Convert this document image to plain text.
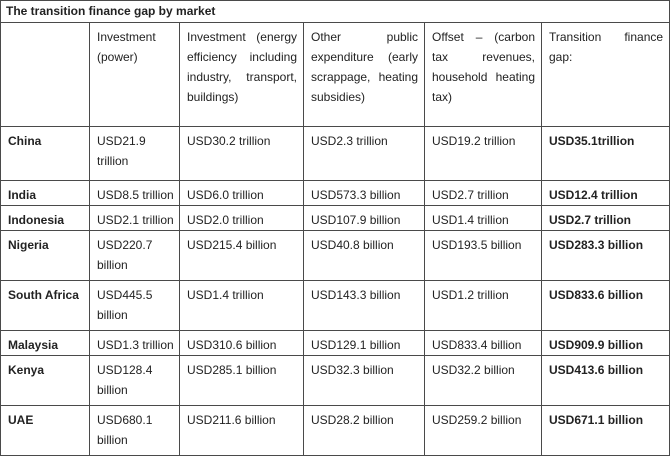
The transition finance gap by market					
	Investment (power)	Investment (energy efficiency including industry, transport, buildings)	Other public expenditure (early scrappage, heating subsidies)	Offset – (carbon tax revenues, household heating tax)	Transition finance gap:
China	USD21.9 trillion	USD30.2 trillion	USD2.3 trillion	USD19.2 trillion	USD35.1trillion
India	USD8.5 trillion	USD6.0 trillion	USD573.3 billion	USD2.7 trillion	USD12.4 trillion
Indonesia	USD2.1 trillion	USD2.0 trillion	USD107.9 billion	USD1.4 trillion	USD2.7 trillion
Nigeria	USD220.7 billion	USD215.4 billion	USD40.8 billion	USD193.5 billion	USD283.3 billion
South Africa	USD445.5 billion	USD1.4 trillion	USD143.3 billion	USD1.2 trillion	USD833.6 billion
Malaysia	USD1.3 trillion	USD310.6 billion	USD129.1 billion	USD833.4 billion	USD909.9 billion
Kenya	USD128.4 billion	USD285.1 billion	USD32.3 billion	USD32.2 billion	USD413.6 billion
UAE	USD680.1 billion	USD211.6 billion	USD28.2 billion	USD259.2 billion	USD671.1 billion
